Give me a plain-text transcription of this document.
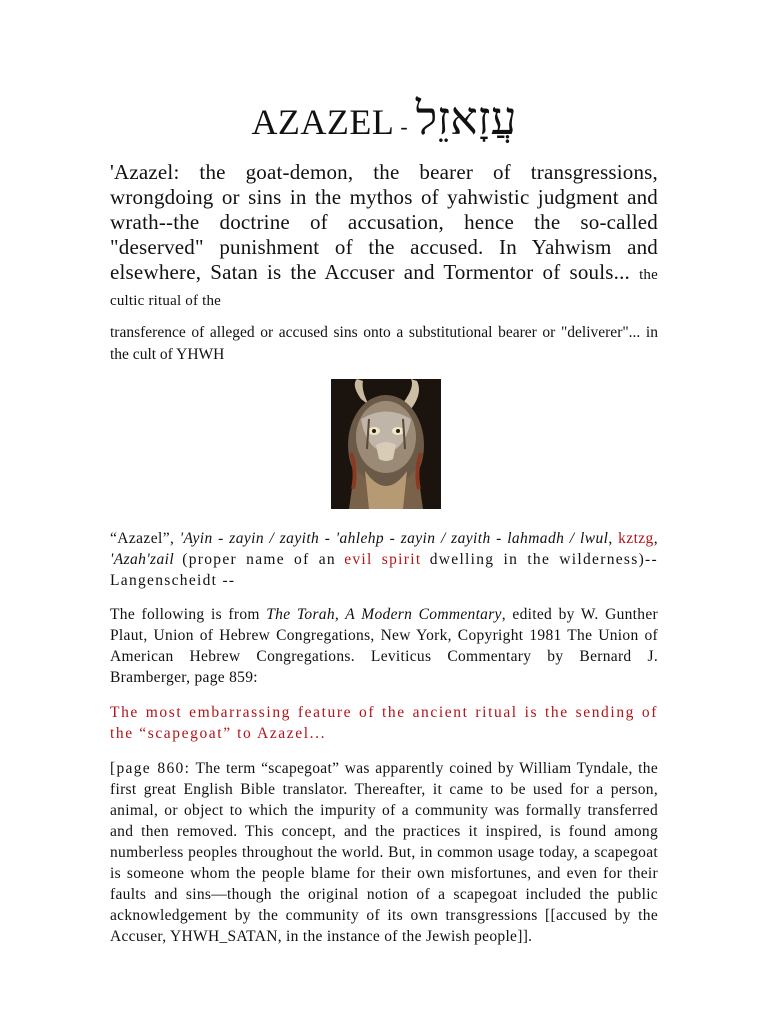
AZAZEL - עֲזָאזֵל
'Azazel: the goat-demon, the bearer of transgressions, wrongdoing or sins in the mythos of yahwistic judgment and wrath--the doctrine of accusation, hence the so-called "deserved" punishment of the accused. In Yahwism and elsewhere, Satan is the Accuser and Tormentor of souls... the cultic ritual of the
transference of alleged or accused sins onto a substitutional bearer or "deliverer"... in the cult of YHWH
“Azazel”, 'Ayin - zayin / zayith - 'ahlehp - zayin / zayith - lahmadh / lwul, kztzg, 'Azah'zail (proper name of an evil spirit dwelling in the wilderness)-- Langenscheidt --
The following is from The Torah, A Modern Commentary, edited by W. Gunther Plaut, Union of Hebrew Congregations, New York, Copyright 1981 The Union of American Hebrew Congregations. Leviticus Commentary by Bernard J. Bramberger, page 859:
The most embarrassing feature of the ancient ritual is the sending of the “scapegoat” to Azazel...
[page 860: The term “scapegoat” was apparently coined by William Tyndale, the first great English Bible translator. Thereafter, it came to be used for a person, animal, or object to which the impurity of a community was formally transferred and then removed. This concept, and the practices it inspired, is found among numberless peoples throughout the world. But, in common usage today, a scapegoat is someone whom the people blame for their own misfortunes, and even for their faults and sins—though the original notion of a scapegoat included the public acknowledgement by the community of its own transgressions [[accused by the Accuser, YHWH_SATAN, in the instance of the Jewish people]].
